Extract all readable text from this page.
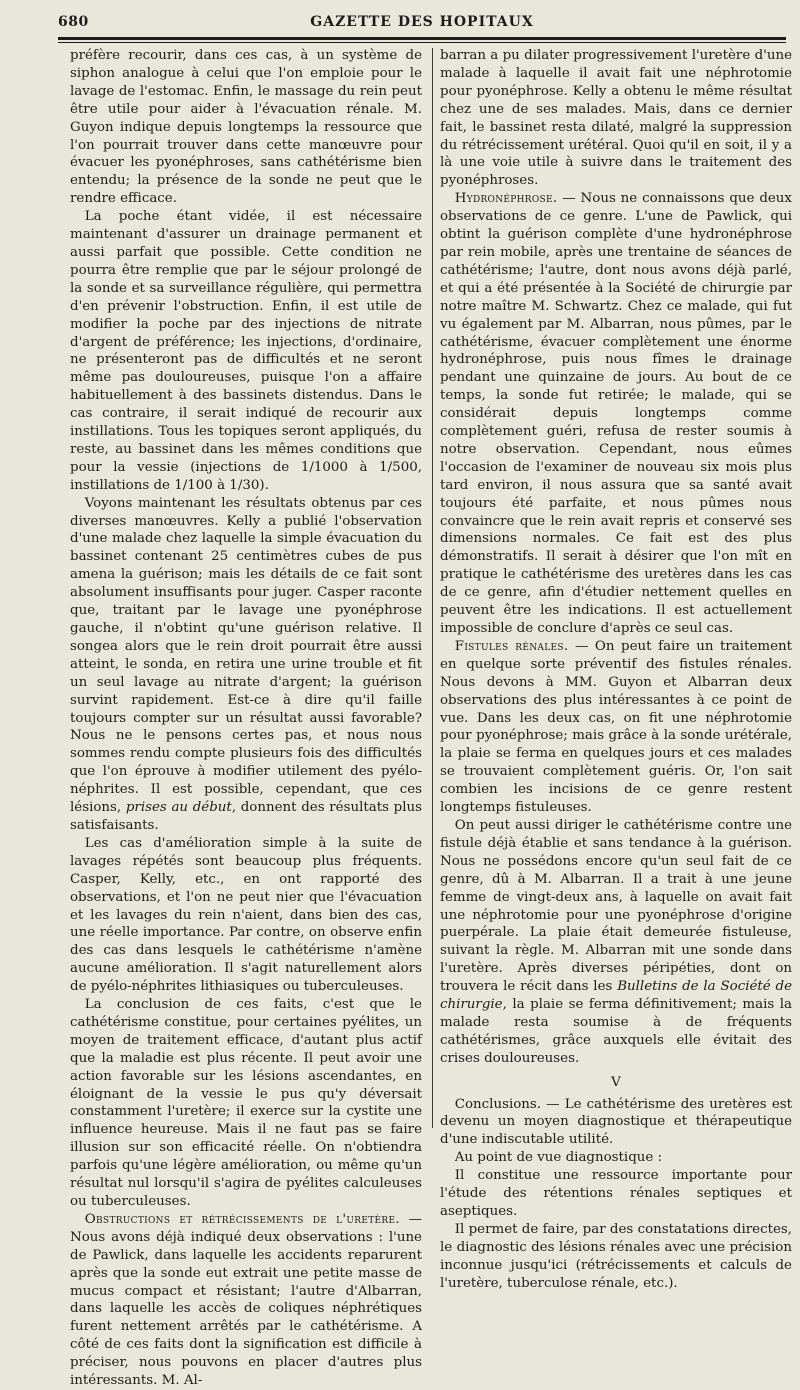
680	GAZETTE DES HOPITAUX

préfère recourir, dans ces cas, à un système de siphon analogue à celui que l'on emploie pour le lavage de l'estomac. Enfin, le massage du rein peut être utile pour aider à l'évacuation rénale. M. Guyon indique depuis longtemps la ressource que l'on pourrait trouver dans cette manœuvre pour évacuer les pyonéphroses, sans cathétérisme bien entendu; la présence de la sonde ne peut que le rendre efficace.

La poche étant vidée, il est nécessaire maintenant d'assurer un drainage permanent et aussi parfait que possible. Cette condition ne pourra être remplie que par le séjour prolongé de la sonde et sa surveillance régulière, qui permettra d'en prévenir l'obstruction. Enfin, il est utile de modifier la poche par des injections de nitrate d'argent de préférence; les injections, d'ordinaire, ne présenteront pas de difficultés et ne seront même pas douloureuses, puisque l'on a affaire habituellement à des bassinets distendus. Dans le cas contraire, il serait indiqué de recourir aux instillations. Tous les topiques seront appliqués, du reste, au bassinet dans les mêmes conditions que pour la vessie (injections de 1/1000 à 1/500, instillations de 1/100 à 1/30).

Voyons maintenant les résultats obtenus par ces diverses manœuvres. Kelly a publié l'observation d'une malade chez laquelle la simple évacuation du bassinet contenant 25 centimètres cubes de pus amena la guérison; mais les détails de ce fait sont absolument insuffisants pour juger. Casper raconte que, traitant par le lavage une pyonéphrose gauche, il n'obtint qu'une guérison relative. Il songea alors que le rein droit pourrait être aussi atteint, le sonda, en retira une urine trouble et fit un seul lavage au nitrate d'argent; la guérison survint rapidement. Est-ce à dire qu'il faille toujours compter sur un résultat aussi favorable? Nous ne le pensons certes pas, et nous nous sommes rendu compte plusieurs fois des difficultés que l'on éprouve à modifier utilement des pyélo-néphrites. Il est possible, cependant, que ces lésions, prises au début, donnent des résultats plus satisfaisants.

Les cas d'amélioration simple à la suite de lavages répétés sont beaucoup plus fréquents. Casper, Kelly, etc., en ont rapporté des observations, et l'on ne peut nier que l'évacuation et les lavages du rein n'aient, dans bien des cas, une réelle importance. Par contre, on observe enfin des cas dans lesquels le cathétérisme n'amène aucune amélioration. Il s'agit naturellement alors de pyélo-néphrites lithiasiques ou tuberculeuses.

La conclusion de ces faits, c'est que le cathétérisme constitue, pour certaines pyélites, un moyen de traitement efficace, d'autant plus actif que la maladie est plus récente. Il peut avoir une action favorable sur les lésions ascendantes, en éloignant de la vessie le pus qu'y déversait constamment l'uretère; il exerce sur la cystite une influence heureuse. Mais il ne faut pas se faire illusion sur son efficacité réelle. On n'obtiendra parfois qu'une légère amélioration, ou même qu'un résultat nul lorsqu'il s'agira de pyélites calculeuses ou tuberculeuses.

Obstructions et rétrécissements de l'uretère. — Nous avons déjà indiqué deux observations : l'une de Pawlick, dans laquelle les accidents reparurent après que la sonde eut extrait une petite masse de mucus compact et résistant; l'autre d'Albarran, dans laquelle les accès de coliques néphrétiques furent nettement arrêtés par le cathétérisme. A côté de ces faits dont la signification est difficile à préciser, nous pouvons en placer d'autres plus intéressants. M. Al-

barran a pu dilater progressivement l'uretère d'une malade à laquelle il avait fait une néphrotomie pour pyonéphrose. Kelly a obtenu le même résultat chez une de ses malades. Mais, dans ce dernier fait, le bassinet resta dilaté, malgré la suppression du rétrécissement urétéral. Quoi qu'il en soit, il y a là une voie utile à suivre dans le traitement des pyonéphroses.

Hydronéphrose. — Nous ne connaissons que deux observations de ce genre. L'une de Pawlick, qui obtint la guérison complète d'une hydronéphrose par rein mobile, après une trentaine de séances de cathétérisme; l'autre, dont nous avons déjà parlé, et qui a été présentée à la Société de chirurgie par notre maître M. Schwartz. Chez ce malade, qui fut vu également par M. Albarran, nous pûmes, par le cathétérisme, évacuer complètement une énorme hydronéphrose, puis nous fîmes le drainage pendant une quinzaine de jours. Au bout de ce temps, la sonde fut retirée; le malade, qui se considérait depuis longtemps comme complètement guéri, refusa de rester soumis à notre observation. Cependant, nous eûmes l'occasion de l'examiner de nouveau six mois plus tard environ, il nous assura que sa santé avait toujours été parfaite, et nous pûmes nous convaincre que le rein avait repris et conservé ses dimensions normales. Ce fait est des plus démonstratifs. Il serait à désirer que l'on mît en pratique le cathétérisme des uretères dans les cas de ce genre, afin d'étudier nettement quelles en peuvent être les indications. Il est actuellement impossible de conclure d'après ce seul cas.

Fistules rénales. — On peut faire un traitement en quelque sorte préventif des fistules rénales. Nous devons à MM. Guyon et Albarran deux observations des plus intéressantes à ce point de vue. Dans les deux cas, on fit une néphrotomie pour pyonéphrose; mais grâce à la sonde urétérale, la plaie se ferma en quelques jours et ces malades se trouvaient complètement guéris. Or, l'on sait combien les incisions de ce genre restent longtemps fistuleuses.

On peut aussi diriger le cathétérisme contre une fistule déjà établie et sans tendance à la guérison. Nous ne possédons encore qu'un seul fait de ce genre, dû à M. Albarran. Il a trait à une jeune femme de vingt-deux ans, à laquelle on avait fait une néphrotomie pour une pyonéphrose d'origine puerpérale. La plaie était demeurée fistuleuse, suivant la règle. M. Albarran mit une sonde dans l'uretère. Après diverses péripéties, dont on trouvera le récit dans les Bulletins de la Société de chirurgie, la plaie se ferma définitivement; mais la malade resta soumise à de fréquents cathétérismes, grâce auxquels elle évitait des crises douloureuses.

V

Conclusions. — Le cathétérisme des uretères est devenu un moyen diagnostique et thérapeutique d'une indiscutable utilité.

Au point de vue diagnostique :

Il constitue une ressource importante pour l'étude des rétentions rénales septiques et aseptiques.

Il permet de faire, par des constatations directes, le diagnostic des lésions rénales avec une précision inconnue jusqu'ici (rétrécissements et calculs de l'uretère, tuberculose rénale, etc.).
